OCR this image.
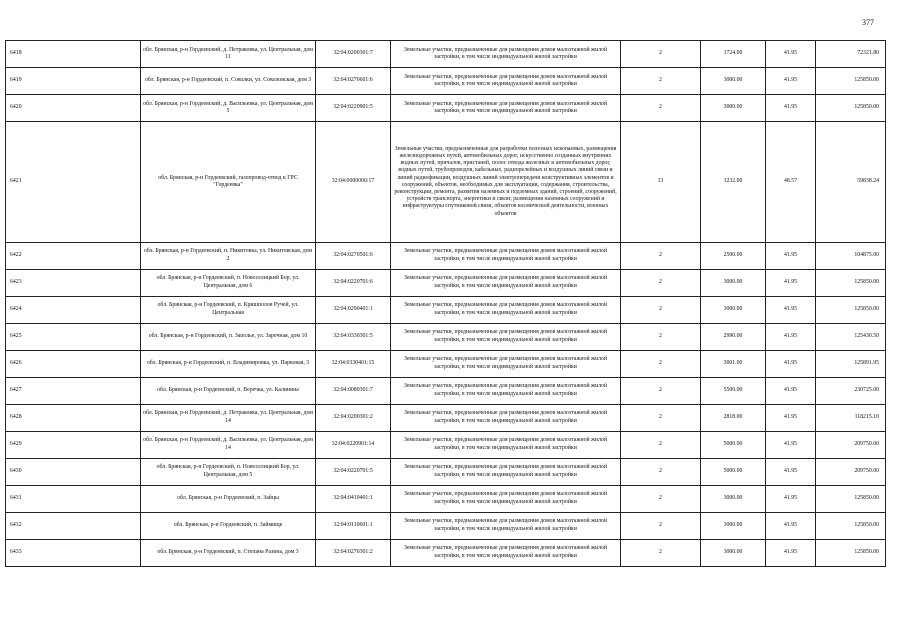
377
6418	обл. Брянская, р-н Гордеевский, д. Петраковка, ул. Центральная, дом 11	32:04:0200301:7	Земельные участки, предназначенные для размещения домов малоэтажной жилой застройки, в том числе индивидуальной жилой застройки	2	1724.00	41.95	72321.80
6419	обл. Брянская, р-н Гордеевский, п. Соколки, ул. Соколовская, дом 3	32:04:0270601:6	Земельные участки, предназначенные для размещения домов малоэтажной жилой застройки, в том числе индивидуальной жилой застройки	2	3000.00	41.95	125850.00
6420	обл. Брянская, р-н Гордеевский, д. Васильевка, ул. Центральная, дом 5	32:04:0220901:5	Земельные участки, предназначенные для размещения домов малоэтажной жилой застройки, в том числе индивидуальной жилой застройки	2	3000.00	41.95	125850.00
6421	обл. Брянская, р-н Гордеевский, газопровод-отвод к ГРС "Гордеевка"	32:04:0000000:17	Земельные участки, предназначенные для разработки полезных ископаемых, размещения железнодорожных путей, автомобильных дорог, искусственно созданных внутренних водных путей, причалов, пристаней, полос отвода железных и автомобильных дорог, водных путей, трубопроводов, кабельных, радиорелейных и воздушных линий связи и линий радиофикации, воздушных линий электропередачи конструктивных элементов и сооружений, объектов, необходимых для эксплуатации, содержания, строительства, реконструкции, ремонта, развития наземных и подземных зданий, строений, сооружений, устройств транспорта, энергетики и связи; размещения наземных сооружений и инфраструктуры спутниковой связи, объектов космической деятельности, военных объектов	13	1232.00	48.57	59838.24
6422	обл. Брянская, р-н Гордеевский, п. Никитовка, ул. Никитовская, дом 2	32:04:0270501:6	Земельные участки, предназначенные для размещения домов малоэтажной жилой застройки, в том числе индивидуальной жилой застройки	2	2500.00	41.95	104875.00
6423	обл. Брянская, р-н Гордеевский, п. Новоселицкий Бор, ул. Центральная, дом 6	32:04:0220701:6	Земельные участки, предназначенные для размещения домов малоэтажной жилой застройки, в том числе индивидуальной жилой застройки	2	3000.00	41.95	125850.00
6424	обл. Брянская, р-н Гордеевский, п. Кришполов Ручей, ул. Центральная	32:04:0290401:1	Земельные участки, предназначенные для размещения домов малоэтажной жилой застройки, в том числе индивидуальной жилой застройки	2	3000.00	41.95	125850.00
6425	обл. Брянская, р-н Гордеевский, п. Заполье, ул. Заречная, дом 10	32:04:0330301:5	Земельные участки, предназначенные для размещения домов малоэтажной жилой застройки, в том числе индивидуальной жилой застройки	2	2990.00	41.95	125430.50
6426	обл. Брянская, р-н Гордеевский, п. Владимировка, ул. Парковая, 3	32:04:0330401:15	Земельные участки, предназначенные для размещения домов малоэтажной жилой застройки, в том числе индивидуальной жилой застройки	2	3001.00	41.95	125891.95
6427	обл. Брянская, р-н Гордеевский, п. Веречка, ул. Калинина	32:04:0080301:7	Земельные участки, предназначенные для размещения домов малоэтажной жилой застройки, в том числе индивидуальной жилой застройки	2	5500.00	41.95	230725.00
6428	обл. Брянская, р-н Гордеевский, д. Петраковка, ул. Центральная, дом 14	32:04:0200301:2	Земельные участки, предназначенные для размещения домов малоэтажной жилой застройки, в том числе индивидуальной жилой застройки	2	2818.00	41.95	118215.10
6429	обл. Брянская, р-н Гордеевский, д. Васильевка, ул. Центральная, дом 14	32:04:0220901:14	Земельные участки, предназначенные для размещения домов малоэтажной жилой застройки, в том числе индивидуальной жилой застройки	2	5000.00	41.95	209750.00
6430	обл. Брянская, р-н Гордеевский, п. Новоселицкий Бор, ул. Центральная, дом 5	32:04:0220701:5	Земельные участки, предназначенные для размещения домов малоэтажной жилой застройки, в том числе индивидуальной жилой застройки	2	5000.00	41.95	209750.00
6431	обл. Брянская, р-н Гордеевский, п. Зайцы	32:04:0410401:1	Земельные участки, предназначенные для размещения домов малоэтажной жилой застройки, в том числе индивидуальной жилой застройки	2	3000.00	41.95	125850.00
6432	обл. Брянская, р-н Гордеевский, п. Займище	32:04:0110601:1	Земельные участки, предназначенные для размещения домов малоэтажной жилой застройки, в том числе индивидуальной жилой застройки	2	3000.00	41.95	125850.00
6433	обл. Брянская, р-н Гордеевский, п. Степана Разина, дом 3	32:04:0270301:2	Земельные участки, предназначенные для размещения домов малоэтажной жилой застройки, в том числе индивидуальной жилой застройки	2	3000.00	41.95	125850.00
